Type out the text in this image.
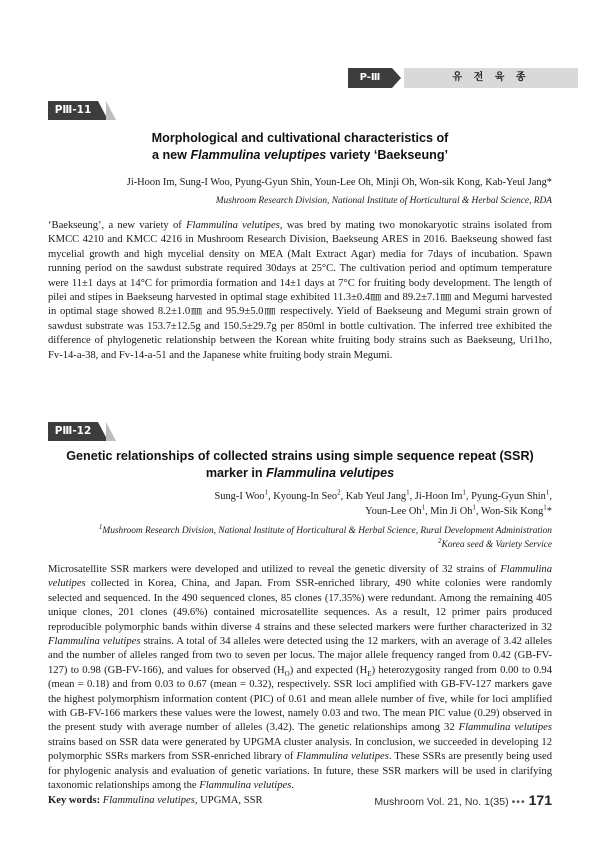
P-Ⅲ	유 전 육 종
PⅢ-11
Morphological and cultivational characteristics of
a new Flammulina veluptipes variety ‘Baekseung’
Ji-Hoon Im, Sung-I Woo, Pyung-Gyun Shin, Youn-Lee Oh, Minji Oh, Won-sik Kong, Kab-Yeul Jang*
Mushroom Research Division, National Institute of Horticultural & Herbal Science, RDA

‘Baekseung’, a new variety of Flammulina velutipes, was bred by mating two monokaryotic strains isolated from KMCC 4210 and KMCC 4216 in Mushroom Research Division, Baekseung ARES in 2016. Baekseung showed fast mycelial growth and high mycelial density on MEA (Malt Extract Agar) media for 7days of incubation. Spawn running period on the sawdust substrate required 30days at 25°C. The cultivation period and optimum temperature were 11±1 days at 14°C for primordia formation and 14±1 days at 7°C for fruiting body development. The length of pilei and stipes in Baekseung harvested in optimal stage exhibited 11.3±0.4㎜ and 89.2±7.1㎜ and Megumi harvested in optimal stage showed 8.2±1.0㎜ and 95.9±5.0㎜ respectively. Yield of Baekseung and Megumi strain grown of sawdust substrate was 153.7±12.5g and 150.5±29.7g per 850ml in bottle cultivation. The inferred tree exhibited the difference of phylogenetic relationship between the Korean white fruiting body strains such as Baekseung, Uri1ho, Fv-14-a-38, and Fv-14-a-51 and the Japanese white fruiting body strain Megumi.

PⅢ-12
Genetic relationships of collected strains using simple sequence repeat (SSR)
marker in Flammulina velutipes
Sung-I Woo$^1$, Kyoung-In Seo$^2$, Kab Yeul Jang$^1$, Ji-Hoon Im$^1$, Pyung-Gyun Shin$^1$,
Youn-Lee Oh$^1$, Min Ji Oh$^1$, Won-Sik Kong$^1$*
$^1$Mushroom Research Division, National Institute of Horticultural & Herbal Science, Rural Development Administration
$^2$Korea seed & Variety Service

Microsatellite SSR markers were developed and utilized to reveal the genetic diversity of 32 strains of Flammulina velutipes collected in Korea, China, and Japan. From SSR-enriched library, 490 white colonies were randomly selected and sequenced. In the 490 sequenced clones, 85 clones (17.35%) were redundant. Among the remaining 405 unique clones, 201 clones (49.6%) contained microsatellite sequences. As a result, 12 primer pairs produced reproducible polymorphic bands within diverse 4 strains and these selected markers were further characterized in 32 Flammulina velutipes strains. A total of 34 alleles were detected using the 12 markers, with an average of 3.42 alleles and the number of alleles ranged from two to seven per locus. The major allele frequency ranged from 0.42 (GB-FV-127) to 0.98 (GB-FV-166), and values for observed $(H_O)$ and expected $(H_E)$ heterozygosity ranged from 0.00 to 0.94 (mean = 0.18) and from 0.03 to 0.67 (mean = 0.32), respectively. SSR loci amplified with GB-FV-127 markers gave the highest polymorphism information content (PIC) of 0.61 and mean allele number of five, while for loci amplified with GB-FV-166 markers these values were the lowest, namely 0.03 and two. The mean PIC value (0.29) observed in the present study with average number of alleles (3.42). The genetic relationships among 32 Flammulina velutipes strains based on SSR data were generated by UPGMA cluster analysis. In conclusion, we succeeded in developing 12 polymorphic SSRs markers from SSR-enriched library of Flammulina velutipes. These SSRs are presently being used for phylogenic analysis and evaluation of genetic variations. In future, these SSR markers will be used in clarifying taxonomic relationships among the Flammulina velutipes.

Key words: Flammulina velutipes, UPGMA, SSR	Mushroom Vol. 21, No. 1(35) ••• 171
